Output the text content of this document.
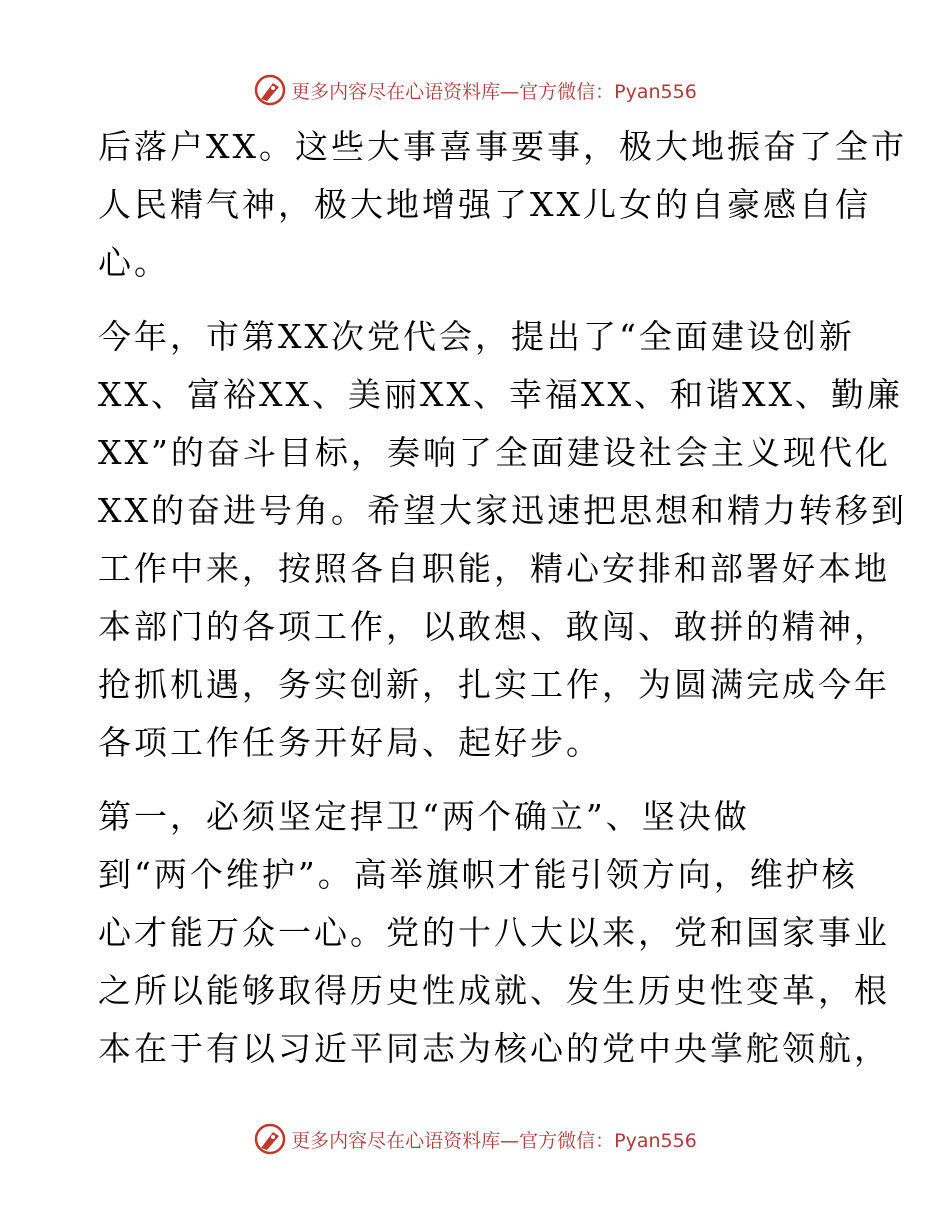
更多内容尽在心语资料库—官方微信：Pyan556
后落户XX。这些大事喜事要事，极大地振奋了全市
人民精气神，极大地增强了XX儿女的自豪感自信
心。
今年，市第XX次党代会，提出了“全面建设创新
XX、富裕XX、美丽XX、幸福XX、和谐XX、勤廉
XX”的奋斗目标，奏响了全面建设社会主义现代化
XX的奋进号角。希望大家迅速把思想和精力转移到
工作中来，按照各自职能，精心安排和部署好本地
本部门的各项工作，以敢想、敢闯、敢拼的精神，
抢抓机遇，务实创新，扎实工作，为圆满完成今年
各项工作任务开好局、起好步。
第一，必须坚定捍卫“两个确立”、坚决做
到“两个维护”。高举旗帜才能引领方向，维护核
心才能万众一心。党的十八大以来，党和国家事业
之所以能够取得历史性成就、发生历史性变革，根
本在于有以习近平同志为核心的党中央掌舵领航，
更多内容尽在心语资料库—官方微信：Pyan556
